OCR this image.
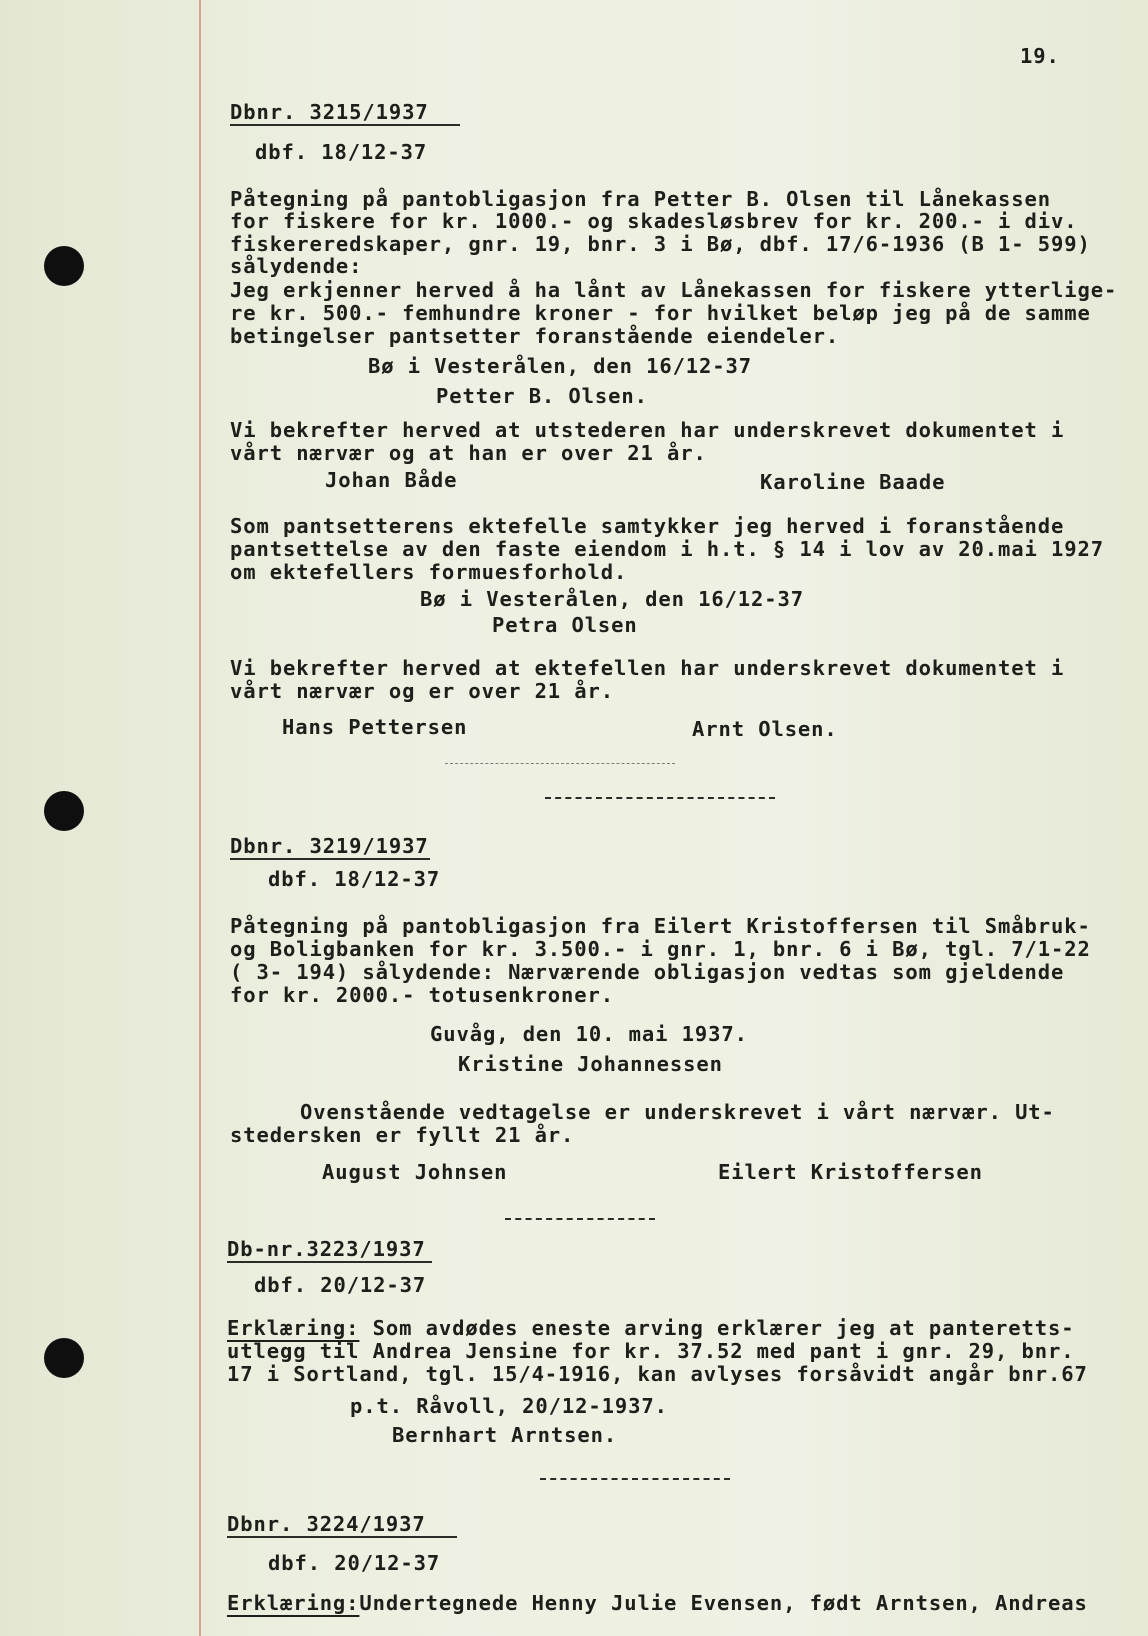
19.
Dbnr. 3215/1937
dbf. 18/12-37
Påtegning på pantobligasjon fra Petter B. Olsen til Lånekassen
for fiskere for kr. 1000.- og skadesløsbrev for kr. 200.- i div.
fiskereredskaper, gnr. 19, bnr. 3 i Bø, dbf. 17/6-1936 (B 1- 599)
sålydende:
Jeg erkjenner herved å ha lånt av Lånekassen for fiskere ytterlige-
re kr. 500.- femhundre kroner - for hvilket beløp jeg på de samme
betingelser pantsetter foranstående eiendeler.
Bø i Vesterålen, den 16/12-37
Petter B. Olsen.
Vi bekrefter herved at utstederen har underskrevet dokumentet i
vårt nærvær og at han er over 21 år.
Johan Både	Karoline Baade
Som pantsetterens ektefelle samtykker jeg herved i foranstående
pantsettelse av den faste eiendom i h.t. § 14 i lov av 20.mai 1927
om ektefellers formuesforhold.
Bø i Vesterålen, den 16/12-37
Petra Olsen
Vi bekrefter herved at ektefellen har underskrevet dokumentet i
vårt nærvær og er over 21 år.
Hans Pettersen	Arnt Olsen.
Dbnr. 3219/1937
dbf. 18/12-37
Påtegning på pantobligasjon fra Eilert Kristoffersen til Småbruk-
og Boligbanken for kr. 3.500.- i gnr. 1, bnr. 6 i Bø, tgl. 7/1-22
( 3- 194) sålydende: Nærværende obligasjon vedtas som gjeldende
for kr. 2000.- totusenkroner.
Guvåg, den 10. mai 1937.
Kristine Johannessen
Ovenstående vedtagelse er underskrevet i vårt nærvær. Ut-
stedersken er fyllt 21 år.
August Johnsen	Eilert Kristoffersen
Db-nr.3223/1937
dbf. 20/12-37
Erklæring: Som avdødes eneste arving erklærer jeg at panteretts-
utlegg til Andrea Jensine for kr. 37.52 med pant i gnr. 29, bnr.
17 i Sortland, tgl. 15/4-1916, kan avlyses forsåvidt angår bnr.67
p.t. Råvoll, 20/12-1937.
Bernhart Arntsen.
Dbnr. 3224/1937
dbf. 20/12-37
Erklæring:Undertegnede Henny Julie Evensen, født Arntsen, Andreas
